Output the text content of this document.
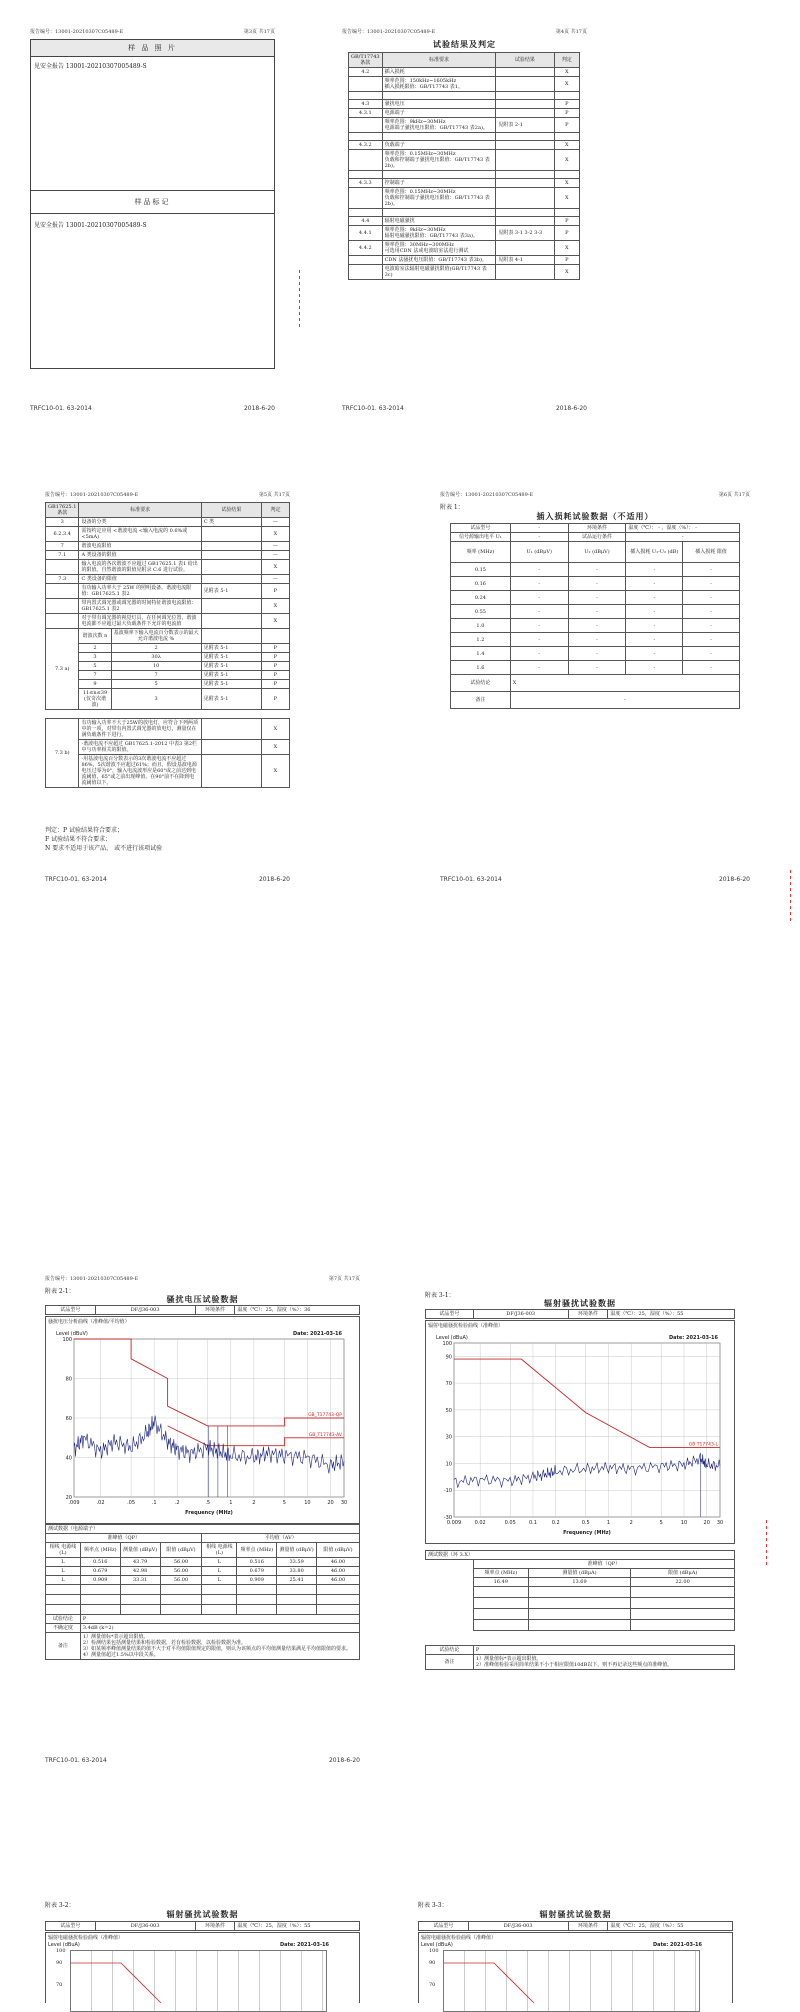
报告编号：13001-20210307C05489-E	第3页 共17页
样 品 照 片
见安全报告 13001-20210307005489-S
样品标记
见安全报告 13001-20210307005489-S
TRFC10-01. 63-2014	2018-6-20
报告编号：13001-20210307C05489-E	第4页 共17页
试验结果及判定
GB/T17743 条款	标准要求	试验结果	判定
4.2	插入损耗		X
	频率范围：150kHz~1605kHz
插入损耗限值：GB/T17743 表1。		X

4.3	骚扰电压		P
4.3.1	电源端子		P
	频率范围：9kHz~30MHz
电源端子骚扰电压限值：GB/T17743 表2a)。	见附表 2-1	P

4.3.2	负载端子		X
	频率范围：0.15MHz~30MHz
负载和控制端子骚扰电压限值：GB/T17743 表2b)。		X

4.3.3	控制端子		X
	频率范围：0.15MHz~30MHz
负载和控制端子骚扰电压限值：GB/T17743 表2b)。		X

4.4	辐射电磁骚扰		P
4.4.1	频率范围：9kHz~30MHz
辐射电磁骚扰限值：GB/T17743 表3a)。	见附表 3-1 3-2 3-3	P
4.4.2	频率范围：30MHz~300MHz
可选用CDN 法或电波暗室法进行测试		X
	CDN 法骚扰电压限值：GB/T17743 表3b)。	见附表 4-1	P
	电波暗室法辐射电磁骚扰限值(GB/T17743 表3c)		X
TRFC10-01. 63-2014	2018-6-20
报告编号：13001-20210307C05489-E	第5页 共17页
GB17625.1 条款	标准要求		试验结果	判定
3	设备的分类		C 类	—
6.2.3.4	需按约定应用 <谐波电流 <输入电流的 0.6%或 <5mA)			X
7	谐波电流限值			—
7.1	A 类设备的限值			—
	输入电流的各次谐波不应超过 GB17625.1 表1 给出的限值。自然谐波的限值见附录 C.6 进行试验。			X
7.3	C 类设备的限值			—
	有功输入功率大于 25W 的照明设备。谐波电流限值：GB17625.1 表2		见附表 5-1	P
	带内置式调光器或调光器的时间特征谐波电流限值：GB17625.1 表2			X
	对于带有调光器的视觉灯具，在任何调光位置，谐波电流都不应超过最大负载条件下允许的电流值			X
7.3 a)	谐波次数 n	基波频率下输入电流百分数表示的最大允许谐波电流 %		
	2	2	见附表 5-1	P
	3	30λ	见附表 5-1	P
	5	10	见附表 5-1	P
	7	7	见附表 5-1	P
	9	5	见附表 5-1	P
	11≤n≤39 (仅奇次谐波)	3	见附表 5-1	P

7.3 b)	有功输入功率不大于25W的放电灯，应符合下列两项中的一项，对带有内置式调光器的放电灯，测量仅在满负载条件下进行。			X
	-谐波电流不应超过 GB17625.1-2012 中表3 第2栏中与功率相关的限值。			X
	-用基波电流百分数表示的3次谐波电流不应超过86%，5次谐波不应超过61%；而且，假设基波电源电压过零为0°，输入电流波形应是60°或之前达到电流阈值，65°或之前出现峰值，在90°前不在降到电流阈值以下。			X
判定：P 试验结果符合要求；
F 试验结果不符合要求；
N 要求不适用于该产品， 或不进行该项试验
TRFC10-01. 63-2014	2018-6-20
报告编号：13001-20210307C05489-E	第6页 共17页
附表 1：
插入损耗试验数据（不适用）
试品型号	-	环境条件	温度（℃）： - ，湿度（%）： -	
信号源输出电平 U₁	-	试品运行条件	-	
频率 (MHz)	U₁ (dBμV)	U₂ (dBμV)	插入损耗 U₁-U₂ (dB)	插入损耗 限值
0.15	-	-	-	-
0.16	-	-	-	-
0.24	-	-	-	-
0.55	-	-	-	-
1.0	-	-	-	-
1.2	-	-	-	-
1.4	-	-	-	-
1.6	-	-	-	-
试验结论	X			
备注	-			
TRFC10-01. 63-2014	2018-6-20
报告编号：13001-20210307C05489-E	第7页 共17页
附表 2-1：
骚扰电压试验数据
试品型号	DF/J36-003	环境条件	温度（℃）：25，湿度（%）：36
骚扰电压分析曲线（准峰值/平均值）
.009	.02	.05	.1	.2	.5	1	2	5	10	20 30
20
40
60
80
100
Level (dBuV)
Frequency (MHz)
Date: 2021-03-16
GB_T17743-QP
GB_T17743-AV
测试数据（电源端子）							
准峰值（QP）				平均值（AV）			
相线 电源线(L)	频率点 (MHz)	测量值 (dBμV)	限值 (dBμV)	相线 电源线(L)	频率点 (MHz)	测量值 (dBμV)	限值 (dBμV)
L	0.516	43.79	56.00	L	0.516	33.59	46.00
L	0.679	42.98	56.00	L	0.679	33.80	46.00
L	0.909	33.31	56.00	L	0.909	25.41	46.00

试验结论	P						
不确定度	3.4dB (k=2)						
备注	1）测量值标*表示超出限值。
2）检测结果包括测量结果和检验数据，若有检验数据，以检验数据为准。
3）如某频率峰值测量结果的值不大于对平均值限值规定的限值，则认为该频点的平均值测量结果满足平均值限值的要求。
4）测量值超过1.5%以中段关系。						
TRFC10-01. 63-2014	2018-6-20
附表 3-1：
辐射骚扰试验数据
试品型号	DF/J36-003	环境条件	温度（℃）：25，湿度（%）：55
辐射电磁骚扰检验曲线（准峰值）
0.009	0.02	0.05	0.1	0.2	0.5	1	2	5	10	20 30
-30
-10
10
30
50
70
90
100
Level (dBuA)
Frequency (MHz)
Date: 2021-03-16
GB T17743-L
测试数据（环 3.X）			
	准峰值（QP）		
	频率点 (MHz)	测量值 (dBμA)	限值 (dBμA)
	16.49	13.69	22.00

试验结论	P		
备注	1）测量值标*表示超出限值。
2）准峰值检验采用简单结果不小于相应限值10dB以下，则不再记录这些频点的准峰值。		
附表 3-2：
辐射骚扰试验数据
试品型号	DF/J36-003	环境条件	温度（℃）：25，湿度（%）：55
辐射电磁骚扰检验曲线（准峰值）
Level (dBuA)	Date: 2021-03-16
100
90
70
附表 3-3：
辐射骚扰试验数据
试品型号	DF/J36-003	环境条件	温度（℃）：25，湿度（%）：55
辐射电磁骚扰检验曲线（准峰值）
Level (dBuA)	Date: 2021-03-16
100
90
70
